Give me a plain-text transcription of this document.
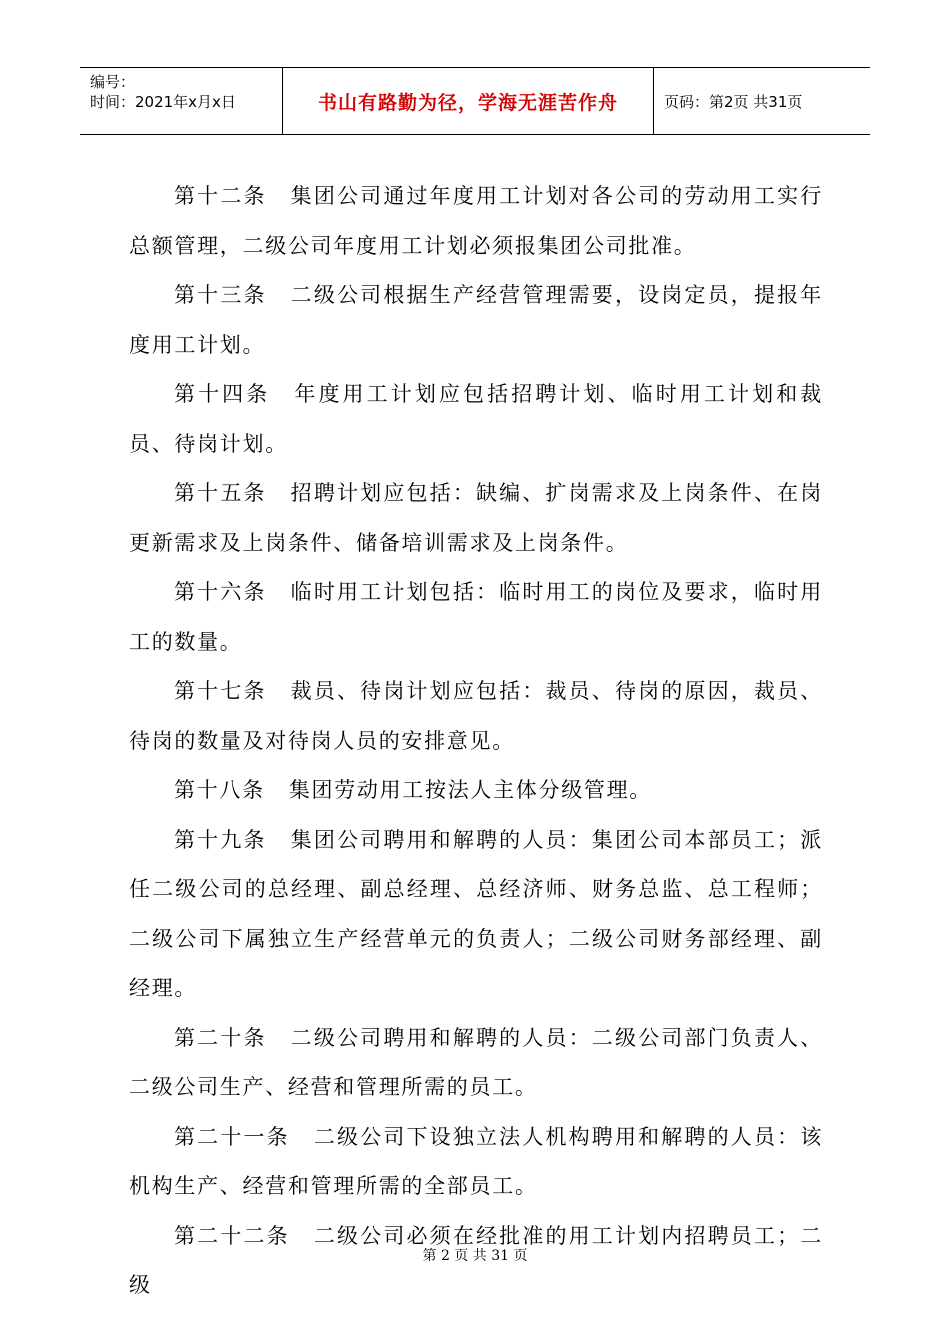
编号：
时间：2021年x月x日	书山有路勤为径，学海无涯苦作舟	页码：第2页 共31页

第十二条 集团公司通过年度用工计划对各公司的劳动用工实行总额管理，二级公司年度用工计划必须报集团公司批准。

第十三条 二级公司根据生产经营管理需要，设岗定员，提报年度用工计划。

第十四条 年度用工计划应包括招聘计划、临时用工计划和裁员、待岗计划。

第十五条 招聘计划应包括：缺编、扩岗需求及上岗条件、在岗更新需求及上岗条件、储备培训需求及上岗条件。

第十六条 临时用工计划包括：临时用工的岗位及要求，临时用工的数量。

第十七条 裁员、待岗计划应包括：裁员、待岗的原因，裁员、待岗的数量及对待岗人员的安排意见。

第十八条 集团劳动用工按法人主体分级管理。

第十九条 集团公司聘用和解聘的人员：集团公司本部员工；派任二级公司的总经理、副总经理、总经济师、财务总监、总工程师；二级公司下属独立生产经营单元的负责人；二级公司财务部经理、副经理。

第二十条 二级公司聘用和解聘的人员：二级公司部门负责人、二级公司生产、经营和管理所需的员工。

第二十一条 二级公司下设独立法人机构聘用和解聘的人员：该机构生产、经营和管理所需的全部员工。

第二十二条 二级公司必须在经批准的用工计划内招聘员工；二级

第 2 页 共 31 页
